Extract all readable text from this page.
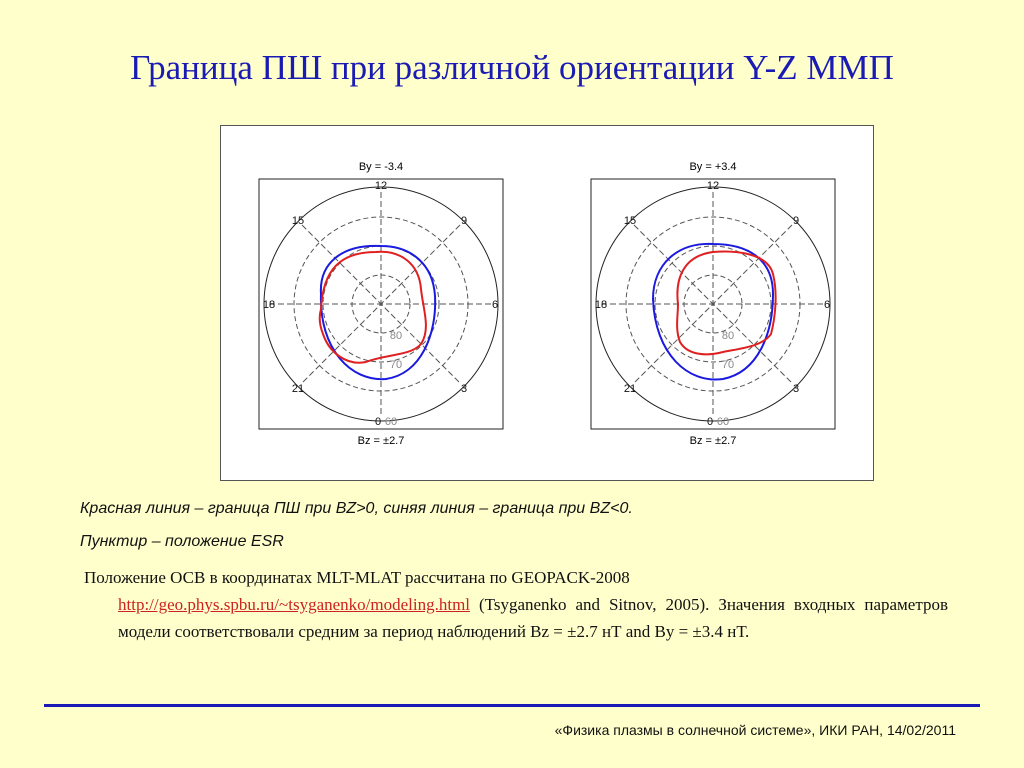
Граница ПШ при различной ориентации Y-Z ММП
By = -3.4
Bz = ±2.7
12
15	9
18	6
21	3
0
80
70
60
By = +3.4
Bz = ±2.7
12
15	9
18	6
21	3
0
80
70
60
Красная линия – граница ПШ при BZ>0, синяя линия – граница при BZ<0.
Пунктир – положение ESR
Положение ОСВ в координатах MLT-MLAT рассчитана по GEOPACK-2008
http://geo.phys.spbu.ru/~tsyganenko/modeling.html (Tsyganenko and Sitnov, 2005). Значения входных параметров модели соответствовали средним за период наблюдений Bz = ±2.7 нТ and By = ±3.4 нТ.
«Физика плазмы в солнечной системе», ИКИ РАН, 14/02/2011
